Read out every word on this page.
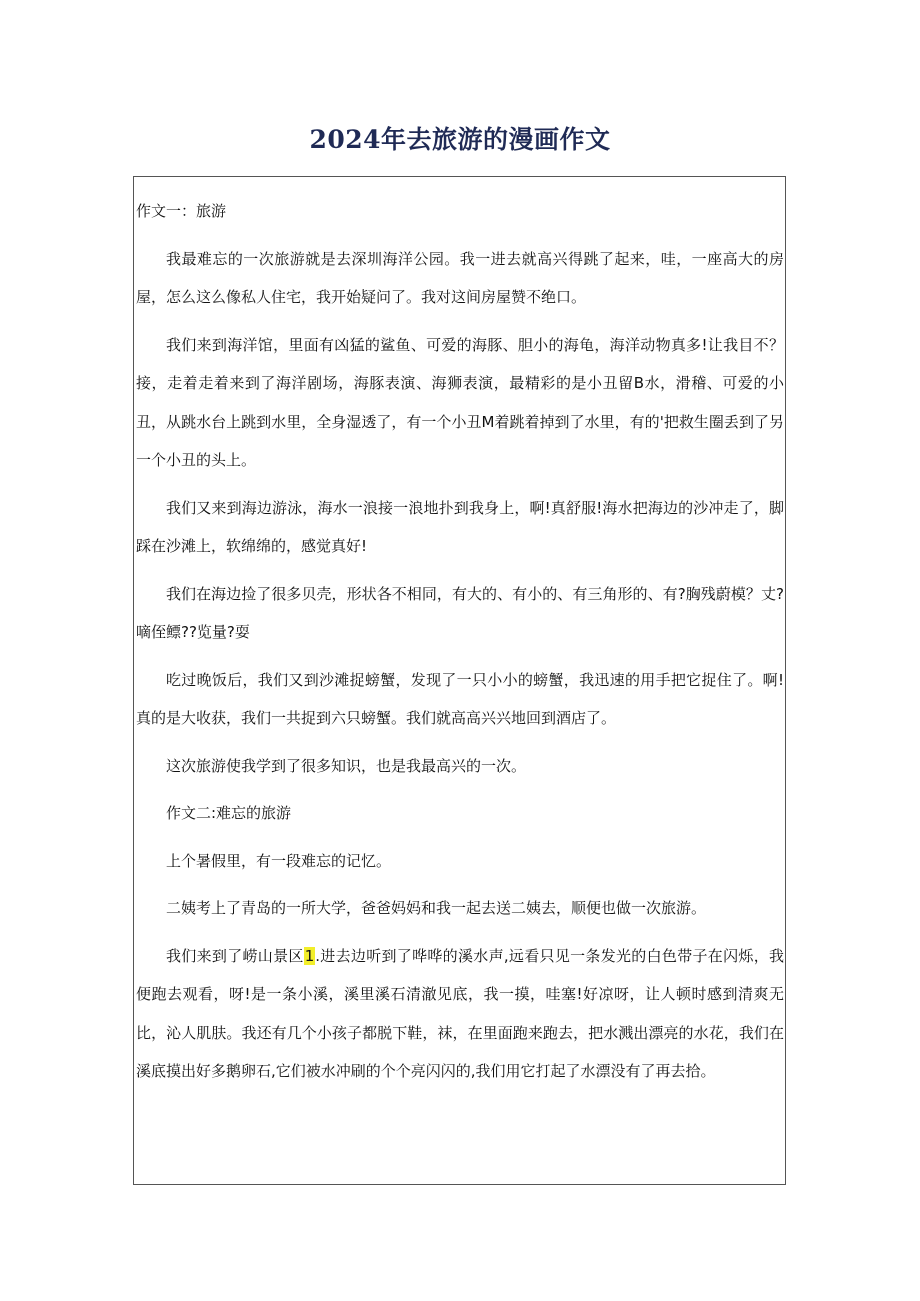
2024年去旅游的漫画作文

作文一：旅游

我最难忘的一次旅游就是去深圳海洋公园。我一进去就高兴得跳了起来，哇，一座高大的房屋，怎么这么像私人住宅，我开始疑问了。我对这间房屋赞不绝口。

我们来到海洋馆，里面有凶猛的鲨鱼、可爱的海豚、胆小的海龟，海洋动物真多!让我目不？接，走着走着来到了海洋剧场，海豚表演、海狮表演，最精彩的是小丑留B水，滑稽、可爱的小丑，从跳水台上跳到水里，全身湿透了，有一个小丑M着跳着掉到了水里，有的'把救生圈丢到了另一个小丑的头上。

我们又来到海边游泳，海水一浪接一浪地扑到我身上，啊!真舒服!海水把海边的沙冲走了，脚踩在沙滩上，软绵绵的，感觉真好!

我们在海边捡了很多贝壳，形状各不相同，有大的、有小的、有三角形的、有?胸残蔚模？丈?嘀侄鳔??览量?耍

吃过晚饭后，我们又到沙滩捉螃蟹，发现了一只小小的螃蟹，我迅速的用手把它捉住了。啊!真的是大收获，我们一共捉到六只螃蟹。我们就高高兴兴地回到酒店了。

这次旅游使我学到了很多知识，也是我最高兴的一次。

作文二:难忘的旅游

上个暑假里，有一段难忘的记忆。

二姨考上了青岛的一所大学，爸爸妈妈和我一起去送二姨去，顺便也做一次旅游。

我们来到了崂山景区1.进去边听到了哗哗的溪水声,远看只见一条发光的白色带子在闪烁，我便跑去观看，呀!是一条小溪，溪里溪石清澈见底，我一摸，哇塞!好凉呀，让人顿时感到清爽无比，沁人肌肤。我还有几个小孩子都脱下鞋，袜，在里面跑来跑去，把水溅出漂亮的水花，我们在溪底摸出好多鹅卵石,它们被水冲刷的个个亮闪闪的,我们用它打起了水漂没有了再去拾。
